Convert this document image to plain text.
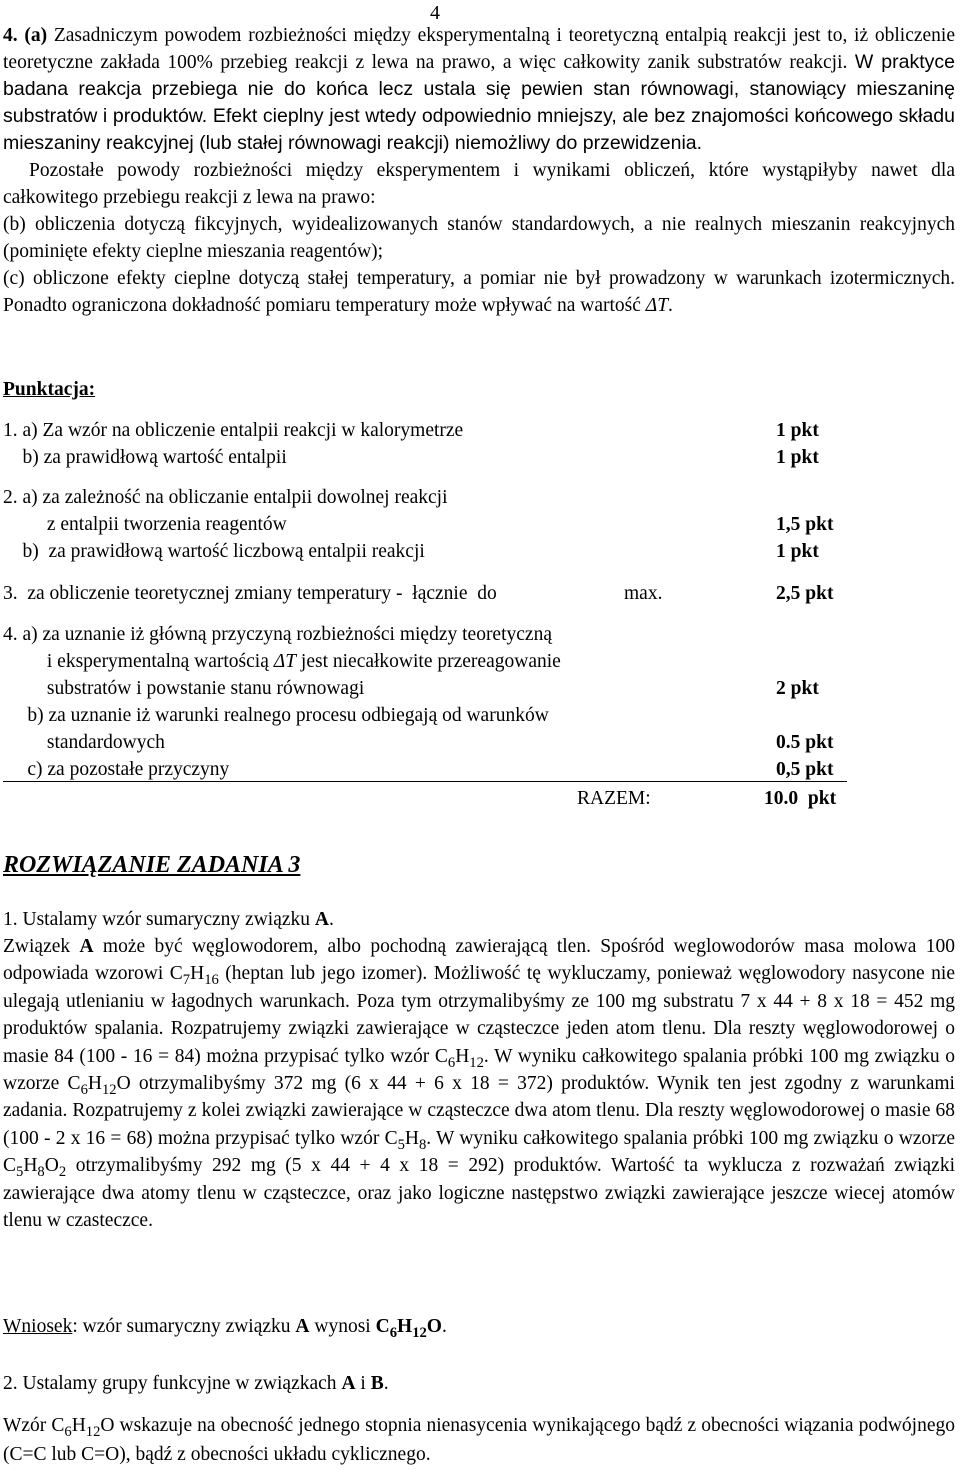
4

4. (a) Zasadniczym powodem rozbieżności między eksperymentalną i teoretyczną entalpią reakcji jest to, iż obliczenie teoretyczne zakłada 100% przebieg reakcji z lewa na prawo, a więc całkowity zanik substratów reakcji. W praktyce badana reakcja przebiega nie do końca lecz ustala się pewien stan równowagi, stanowiący mieszaninę substratów i produktów. Efekt cieplny jest wtedy odpowiednio mniejszy, ale bez znajomości końcowego składu mieszaniny reakcyjnej (lub stałej równowagi reakcji) niemożliwy do przewidzenia.

Pozostałe powody rozbieżności między eksperymentem i wynikami obliczeń, które wystąpiłyby nawet dla całkowitego przebiegu reakcji z lewa na prawo:

(b) obliczenia dotyczą fikcyjnych, wyidealizowanych stanów standardowych, a nie realnych mieszanin reakcyjnych (pominięte efekty cieplne mieszania reagentów);

(c) obliczone efekty cieplne dotyczą stałej temperatury, a pomiar nie był prowadzony w warunkach izotermicznych. Ponadto ograniczona dokładność pomiaru temperatury może wpływać na wartość ΔT.

Punktacja:
1. a) Za wzór na obliczenie entalpii reakcji w kalorymetrze	1 pkt
b) za prawidłową wartość entalpii	1 pkt
2. a) za zależność na obliczanie entalpii dowolnej reakcji
z entalpii tworzenia reagentów	1,5 pkt
b)  za prawidłową wartość liczbową entalpii reakcji	1 pkt
3.  za obliczenie teoretycznej zmiany temperatury -  łącznie  do	max.	2,5 pkt
4. a) za uznanie iż główną przyczyną rozbieżności między teoretyczną
i eksperymentalną wartością ΔT jest niecałkowite przereagowanie
substratów i powstanie stanu równowagi	2 pkt
b) za uznanie iż warunki realnego procesu odbiegają od warunków
standardowych	0.5 pkt
c) za pozostałe przyczyny	0,5 pkt
RAZEM:	10.0  pkt
ROZWIĄZANIE ZADANIA 3
1. Ustalamy wzór sumaryczny związku A.

Związek A może być węglowodorem, albo pochodną zawierającą tlen. Spośród weglowodorów masa molowa 100 odpowiada wzorowi $C_7H_{16}$ (heptan lub jego izomer). Możliwość tę wykluczamy, ponieważ węglowodory nasycone nie ulegają utlenianiu w łagodnych warunkach. Poza tym otrzymalibyśmy ze 100 mg substratu 7 x 44 + 8 x 18 = 452 mg produktów spalania. Rozpatrujemy związki zawierające w cząsteczce jeden atom tlenu. Dla reszty węglowodorowej o masie 84 (100 - 16 = 84) można przypisać tylko wzór $C_6H_{12}$. W wyniku całkowitego spalania próbki 100 mg związku o wzorze $C_6H_{12}O$ otrzymalibyśmy 372 mg (6 x 44 + 6 x 18 = 372) produktów. Wynik ten jest zgodny z warunkami zadania. Rozpatrujemy z kolei związki zawierające w cząsteczce dwa atom tlenu. Dla reszty węglowodorowej o masie 68 (100 - 2 x 16 = 68) można przypisać tylko wzór $C_5H_8$. W wyniku całkowitego spalania próbki 100 mg związku o wzorze $C_5H_8O_2$ otrzymalibyśmy 292 mg (5 x 44 + 4 x 18 = 292) produktów. Wartość ta wyklucza z rozważań związki zawierające dwa atomy tlenu w cząsteczce, oraz jako logiczne następstwo związki zawierające jeszcze wiecej atomów tlenu w czasteczce.

Wniosek: wzór sumaryczny związku A wynosi $C_6H_{12}O$.
2. Ustalamy grupy funkcyjne w związkach A i B.

Wzór $C_6H_{12}O$ wskazuje na obecność jednego stopnia nienasycenia wynikającego bądź z obecności wiązania podwójnego (C=C lub C=O), bądź z obecności układu cyklicznego.
